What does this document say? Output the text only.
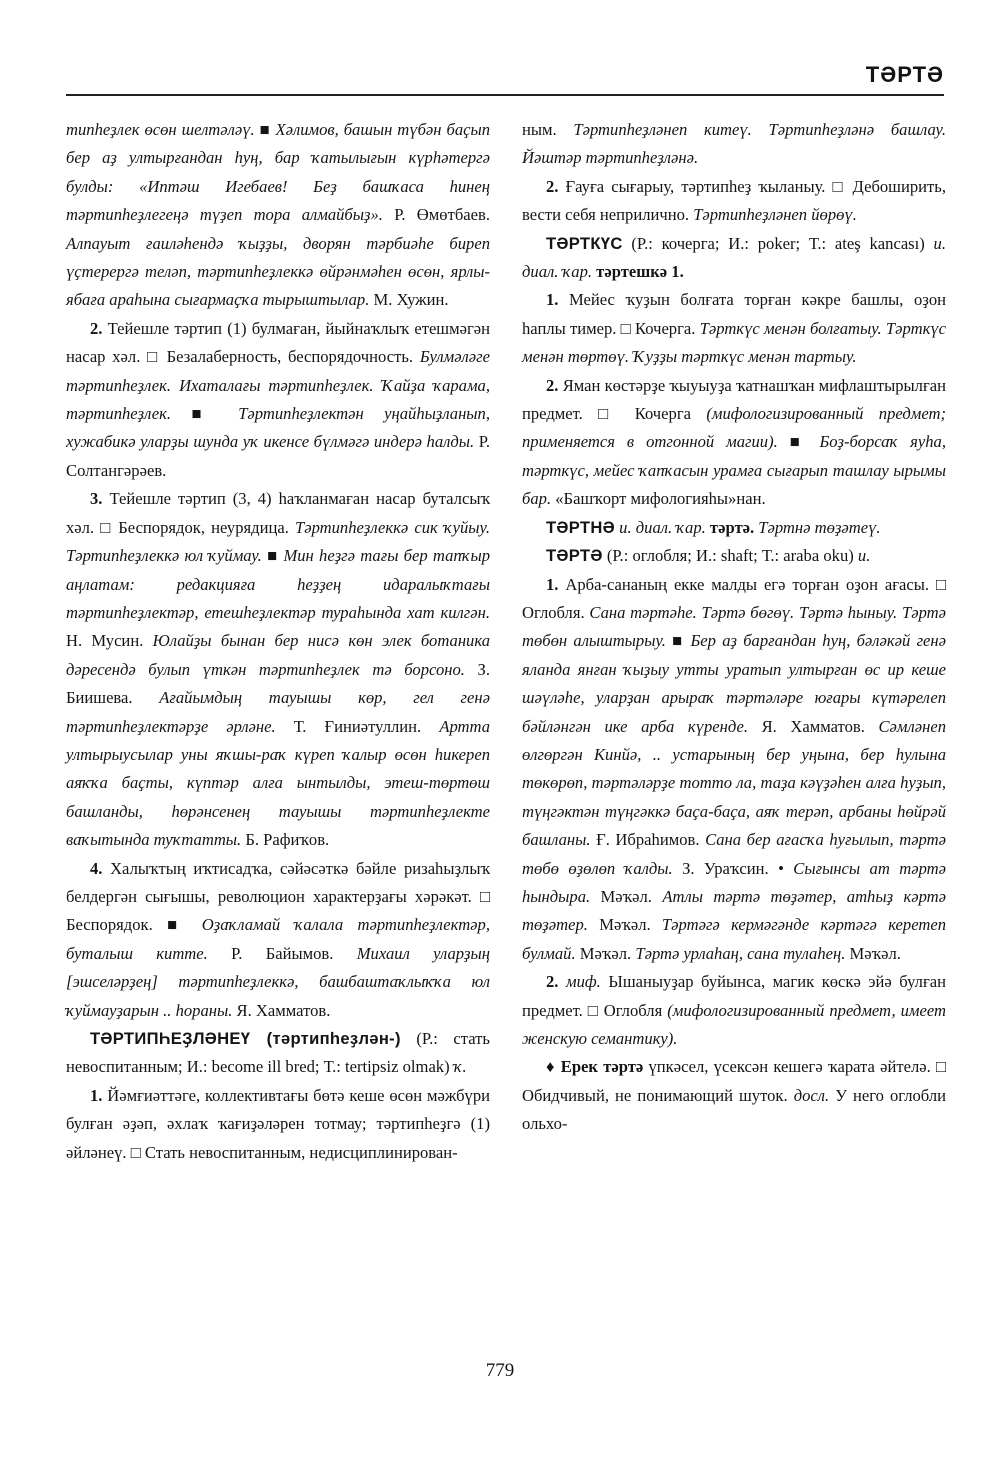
ТӘРТӘ

типһеҙлек өсөн шелтәләү. ■ Хәлимов, башын түбән баҫып бер аҙ ултырғандан һуң, бар ҡатылығын күрһәтергә булды: «Иптәш Игебаев! Беҙ башҡаса һинең тәртипһеҙлегеңә түҙеп тора алмайбыҙ». Р. Өмөтбаев. Алпауыт ғаиләһендә ҡыҙҙы, дворян тәрбиәһе биреп үҫтерергә теләп, тәртипһеҙлеккә өйрәнмәһен өсөн, ярлы-ябаға араһына сығармаҫҡа тырыштылар. М. Хужин.

2. Тейешле тәртип (1) булмаған, йыйнаҡлыҡ етешмәгән насар хәл. □ Безалаберность, беспорядочность. Булмәләге тәртипһеҙлек. Ихаталағы тәртипһеҙлек. Ҡайҙа ҡарама, тәртипһеҙлек. ■ Тәртипһеҙлектән уңайһыҙланып, хужабикә уларҙы шунда уҡ икенсе бүлмәгә индерә һалды. Р. Солтангәрәев.

3. Тейешле тәртип (3, 4) һаҡланмаған насар буталсыҡ хәл. □ Беспорядок, неурядица. Тәртипһеҙлеккә сик ҡуйыу. Тәртипһеҙлеккә юл ҡуймау. ■ Мин һеҙгә тағы бер тапҡыр аңлатам: редакцияға һеҙҙең идаралыҡтағы тәртипһеҙлектәр, етешһеҙлектәр тураһында хат килгән. Н. Мусин. Юлайҙы бынан бер нисә көн элек ботаника дәресендә булып үткән тәртипһеҙлек тә борсоно. З. Биишева. Ағайымдың тауышы көр, гел генә тәртипһеҙлектәрҙе әрләне. Т. Ғиниәтуллин. Артта ултырыусылар уны яҡшы-раҡ күреп ҡалыр өсөн һикереп аяҡҡа баҫты, күптәр алға ынтылды, этеш-төртөш башланды, һөрәнсенең тауышы тәртипһеҙлекте ваҡытында туҡтатты. Б. Рафиҡов.

4. Халыҡтың иҡтисадҡа, сәйәсәткә бәйле ризаһыҙлыҡ белдергән сығышы, революцион характерҙағы хәрәкәт. □ Беспорядок. ■ Оҙаҡламай ҡалала тәртипһеҙлектәр, буталыш китте. Р. Байымов. Михаил уларҙың [эшселәрҙең] тәртипһеҙлеккә, башбаштаҡлыҡҡа юл ҡуймауҙарын .. һораны. Я. Хамматов.

ТӘРТИПҺЕҘЛӘНЕҮ (тәртипһеҙлән-) (Р.: стать невоспитанным; И.: become ill bred; Т.: tertipsiz olmak) ҡ.

1. Йәмғиәттәге, коллективтағы бөтә кеше өсөн мәжбүри булған әҙәп, әхлаҡ ҡағиҙәләрен тотмау; тәртипһеҙгә (1) әйләнеү. □ Стать невоспитанным, недисциплинирован-

ным. Тәртипһеҙләнеп китеү. Тәртипһеҙләнә башлау. Йәштәр тәртипһеҙләнә.

2. Ғауға сығарыу, тәртипһеҙ ҡыланыу. □ Дебоширить, вести себя неприлично. Тәртипһеҙләнеп йөрөү.

ТӘРТКҮС (Р.: кочерга; И.: poker; Т.: ateş kancası) и. диал. ҡар. тәртешкә 1.

1. Мейес ҡуҙын болғата торған кәкре башлы, оҙон һаплы тимер. □ Кочерга. Тәрткүс менән болғатыу. Тәрткүс менән төртөү. Ҡуҙҙы тәрткүс менән тартыу.

2. Яман көстәрҙе ҡыуыуҙа ҡатнашҡан мифлаштырылған предмет. □ Кочерга (мифологизированный предмет; применяется в отгонной магии). ■ Боҙ-борсаҡ яуһа, тәрткүс, мейес ҡапҡасын урамға сығарып ташлау ырымы бар. «Башҡорт мифологияһы»нан.

ТӘРТНӘ и. диал. ҡар. тәртә. Тәртнә төҙәтеү.

ТӘРТӘ (Р.: оглобля; И.: shaft; Т.: araba oku) и.

1. Арба-сананың екке малды егә торған оҙон ағасы. □ Оглобля. Сана тәртәһе. Тәртә бөгөү. Тәртә һыныу. Тәртә төбөн алыштырыу. ■ Бер аҙ барғандан һуң, бәләкәй генә яланда янған ҡыҙыу утты уратып ултырған өс ир кеше шәүләһе, уларҙан арыраҡ тәртәләре юғары күтәрелеп бәйләнгән ике арба күренде. Я. Хамматов. Сәмләнеп өлгөргән Кинйә, .. устарының бер уңына, бер һулына төкөрөп, тәртәләрҙе тотто ла, таҙа кәүҙәһен алға һуҙып, түңгәктән түңгәккә баҫа-баҫа, аяҡ терәп, арбаны һөйрәй башланы. Ғ. Ибраһимов. Сана бер ағасҡа һуғылып, тәртә төбө өҙөлөп ҡалды. З. Ураҡсин. • Сығынсы ат тәртә һындыра. Мәҡәл. Атлы тәртә төҙәтер, атһыҙ кәртә төҙәтер. Мәҡәл. Тәртәгә кермәгәнде кәртәгә керетеп булмай. Мәҡәл. Тәртә урлаһаң, сана тулаһең. Мәҡәл.

2. миф. Ышаныуҙар буйынса, магик көскә эйә булған предмет. □ Оглобля (мифологизированный предмет, имеет женскую семантику).

♦ Ерек тәртә үпкәсел, үсексән кешегә ҡарата әйтелә. □ Обидчивый, не понимающий шуток. досл. У него оглобли ольхо-

779
